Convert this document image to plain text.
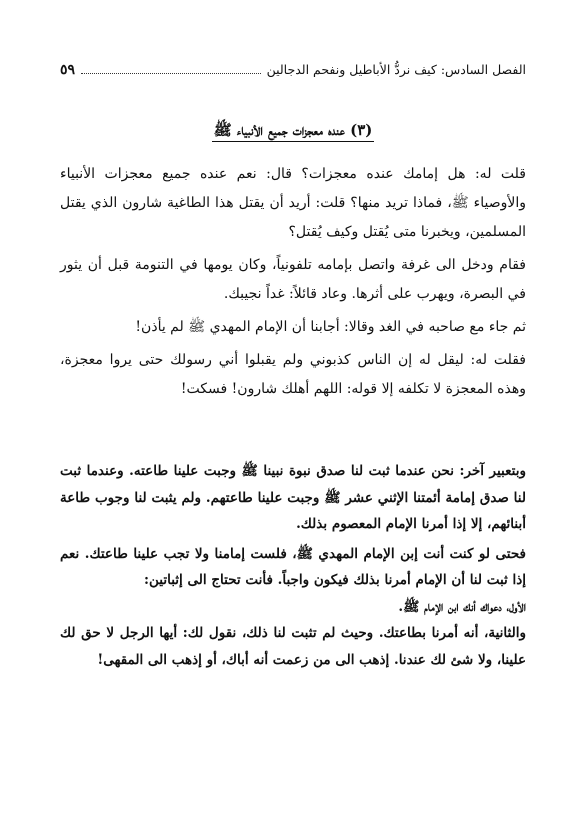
الفصل السادس: كيف نردُّ الأباطيل ونفحم الدجالين
٥٩
(٣) عنده معجزات جميع الأنبياء ﷺ

قلت له: هل إمامك عنده معجزات؟ قال: نعم عنده جميع معجزات الأنبياء والأوصياء ﷺ، فماذا تريد منها؟ قلت: أريد أن يقتل هذا الطاغية شارون الذي يقتل المسلمين، ويخبرنا متى يُقتل وكيف يُقتل؟

فقام ودخل الى غرفة واتصل بإمامه تلفونياً، وكان يومها في التنومة قبل أن يثور في البصرة، ويهرب على أثرها. وعاد قائلاً: غداً نجيبك.

ثم جاء مع صاحبه في الغد وقالا: أجابنا أن الإمام المهدي ﷺ لم يأذن!

فقلت له: ليقل له إن الناس كذبوني ولم يقبلوا أني رسولك حتى يروا معجزة، وهذه المعجزة لا تكلفه إلا قوله: اللهم أهلك شارون! فسكت!

وبتعبير آخر: نحن عندما ثبت لنا صدق نبوة نبينا ﷺ وجبت علينا طاعته. وعندما ثبت لنا صدق إمامة أئمتنا الإثني عشر ﷺ وجبت علينا طاعتهم. ولم يثبت لنا وجوب طاعة أبنائهم، إلا إذا أمرنا الإمام المعصوم بذلك.

فحتى لو كنت أنت إبن الإمام المهدي ﷺ، فلست إمامنا ولا تجب علينا طاعتك. نعم إذا ثبت لنا أن الإمام أمرنا بذلك فيكون واجباً. فأنت تحتاج الى إثباتين:

الأول، دعواك أنك ابن الإمام ﷺ.

والثانية، أنه أمرنا بطاعتك. وحيث لم تثبت لنا ذلك، نقول لك: أيها الرجل لا حق لك علينا، ولا شئ لك عندنا. إذهب الى من زعمت أنه أباك، أو إذهب الى المقهى!
